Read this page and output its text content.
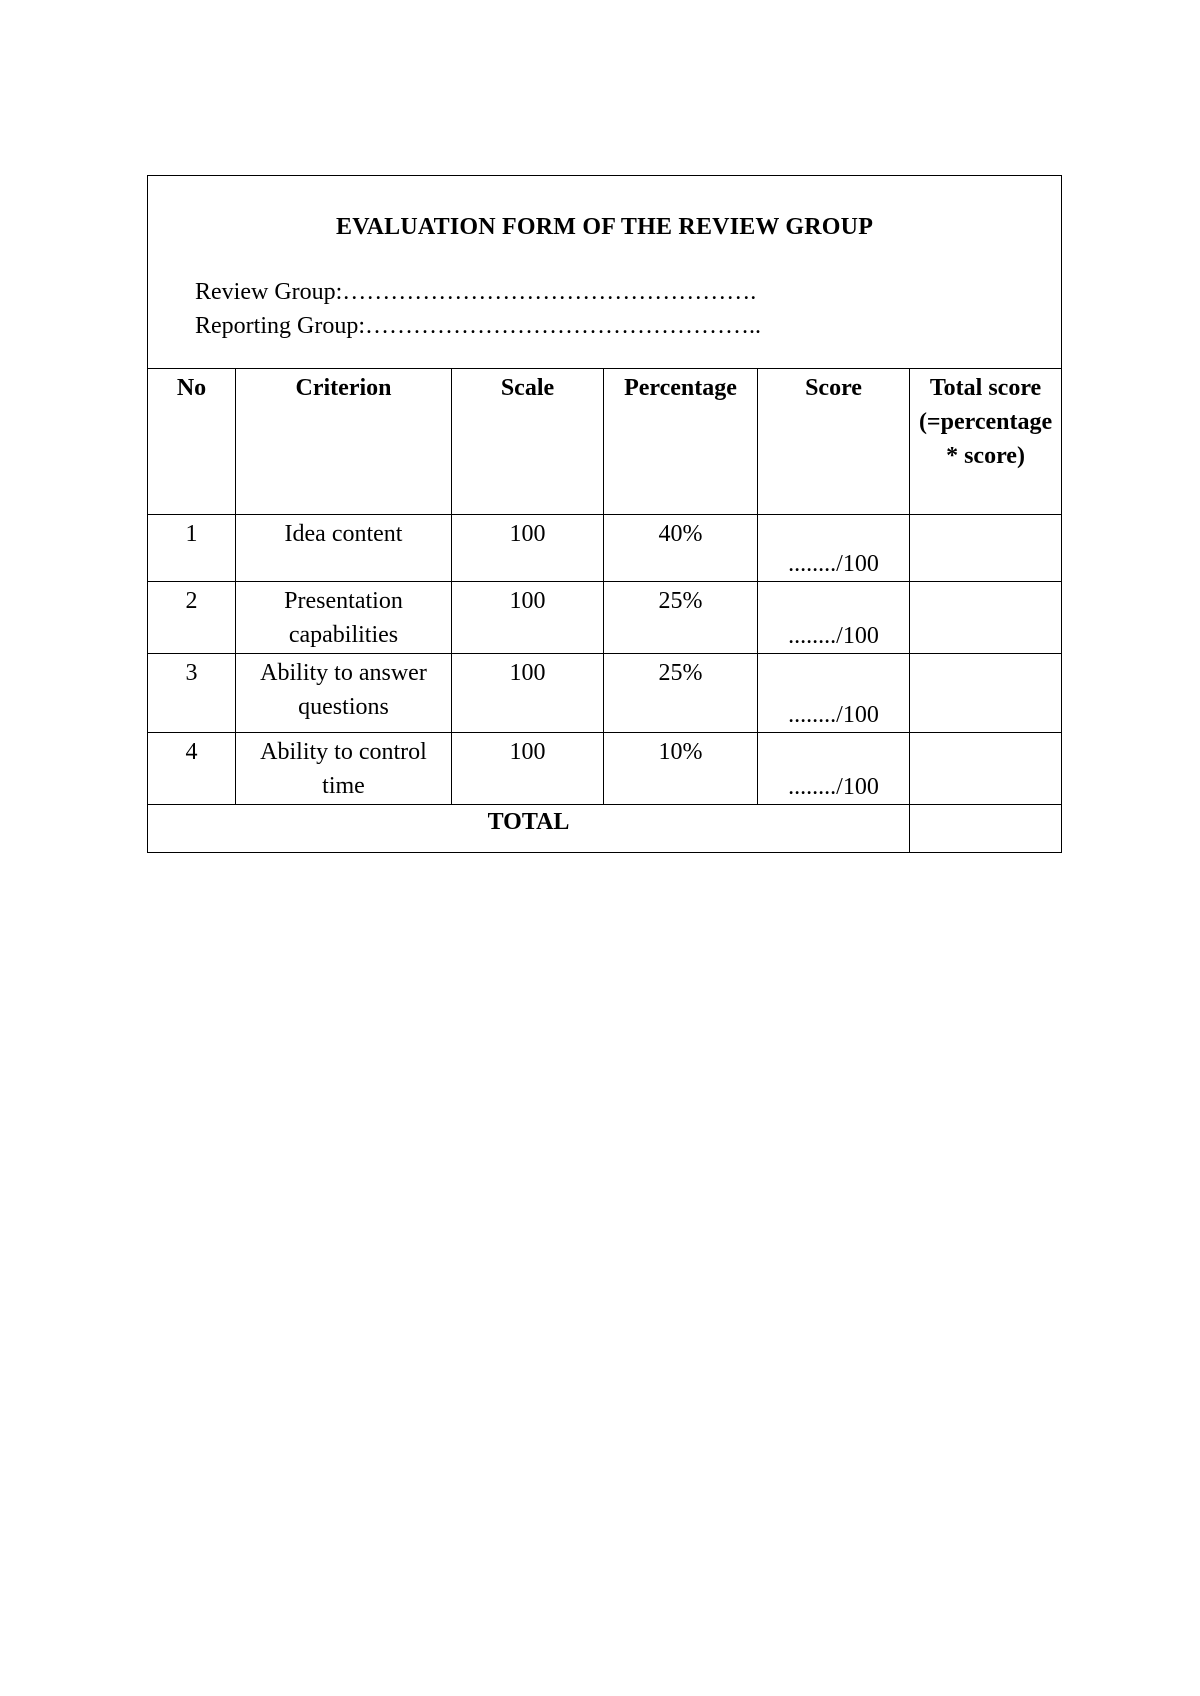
EVALUATION FORM OF THE REVIEW GROUP
Review Group:…………………………………………….
Reporting Group:…………………………………………..					

No	Criterion	Scale	Percentage	Score	Total score (=percentage * score)
1	Idea content	100	40%	......../100	

2	Presentation capabilities	100	25%	......../100	

3	Ability to answer questions	100	25%	......../100	

4	Ability to control time	100	10%	......../100	

TOTAL					
